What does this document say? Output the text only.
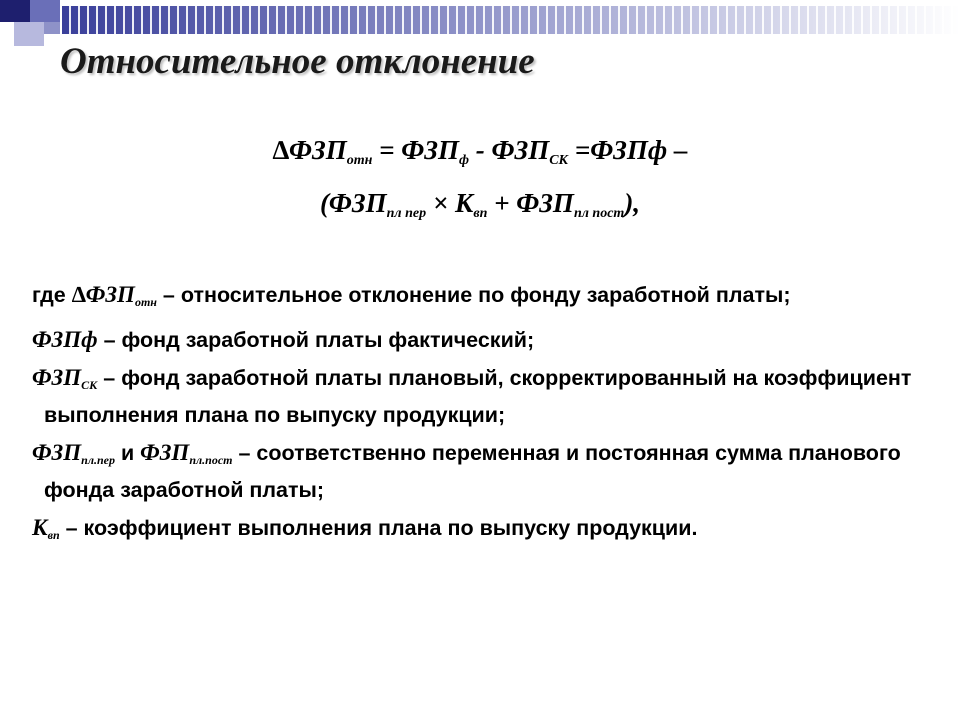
Относительное отклонение
$\Delta ФЗП_{отн} = ФЗП_ф - ФЗП_{СК}$ =ФЗПф –
$(ФЗП_{пл пер} \times К_{вп} + ФЗП_{пл пост})$,
где ∆ФЗПотн – относительное отклонение по фонду заработной платы;
ФЗПф – фонд заработной платы фактический;
ФЗПСК – фонд заработной платы плановый, скорректированный на коэффициент выполнения плана по выпуску продукции;
ФЗПпл.пер и ФЗПпл.пост – соответственно переменная и постоянная сумма планового фонда заработной платы;
Квп – коэффициент выполнения плана по выпуску продукции.
